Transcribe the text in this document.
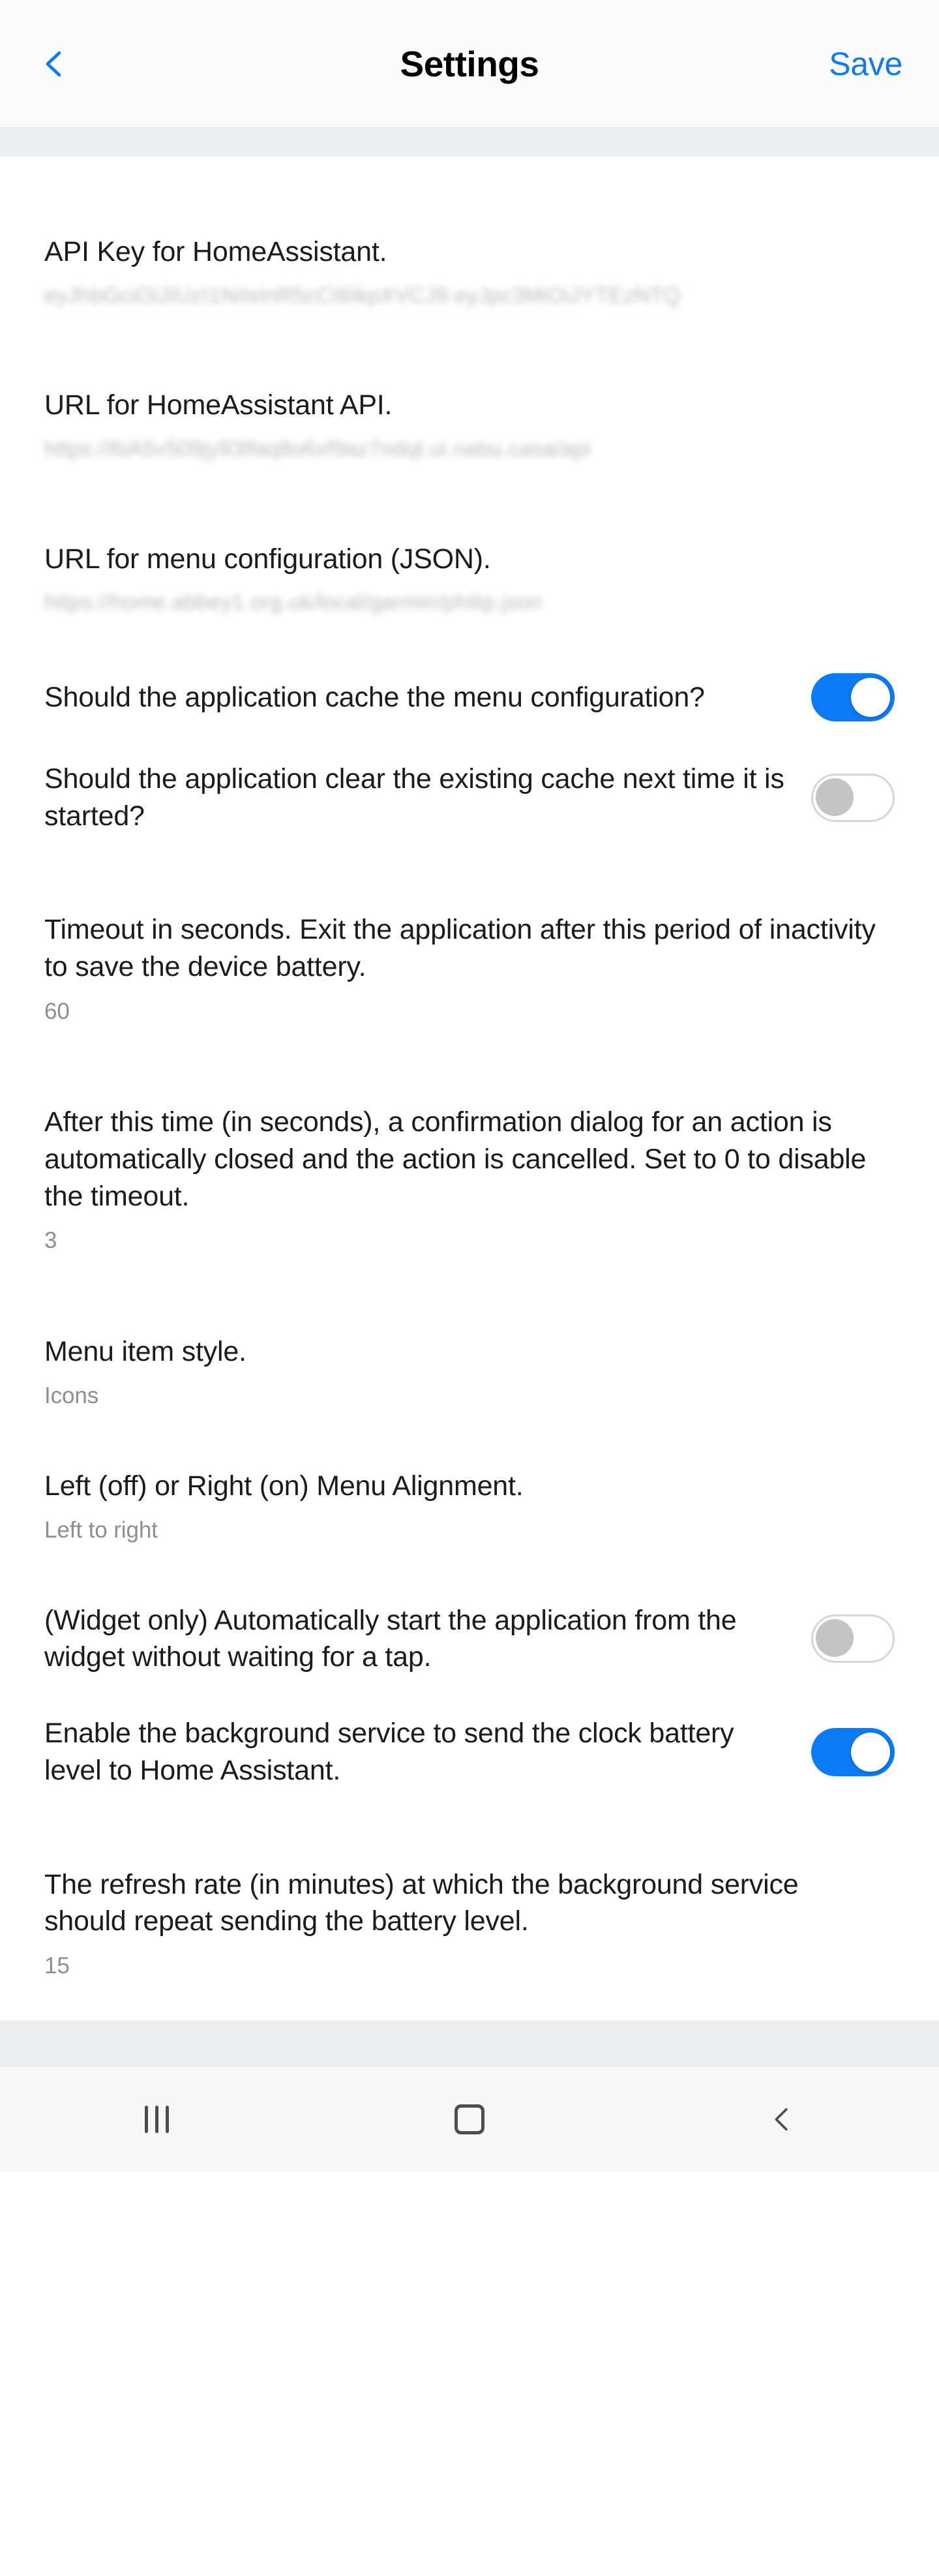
Settings	Save
API Key for HomeAssistant.
eyJhbGciOiJIUzI1NiIsInR5cCI6IkpXVCJ9.eyJpc3MiOiJYTEzNTQ
URL for HomeAssistant API.
https://6iA5v509jy93lfaq8o6xf9az7ndqt.ui.nabu.casa/api
URL for menu configuration (JSON).
https://home.abbey1.org.uk/local/garmin/philip.json
Should the application cache the menu configuration?
Should the application clear the existing cache next time it is started?
Timeout in seconds. Exit the application after this period of inactivity to save the device battery.
60
After this time (in seconds), a confirmation dialog for an action is automatically closed and the action is cancelled. Set to 0 to disable the timeout.
3
Menu item style.
Icons
Left (off) or Right (on) Menu Alignment.
Left to right
(Widget only) Automatically start the application from the widget without waiting for a tap.
Enable the background service to send the clock battery level to Home Assistant.
The refresh rate (in minutes) at which the background service should repeat sending the battery level.
15
